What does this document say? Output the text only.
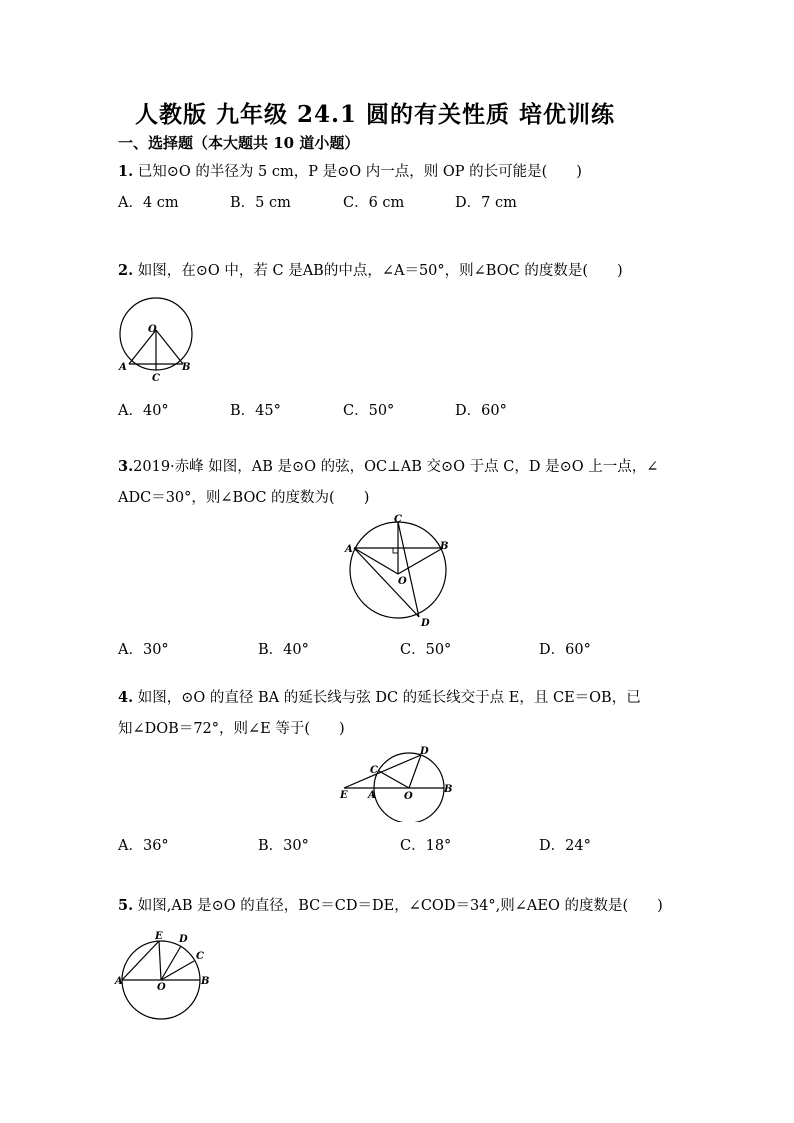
人教版 九年级 24.1 圆的有关性质 培优训练
一、选择题（本大题共 10 道小题）
1. 已知⊙O 的半径为 5 cm，P 是⊙O 内一点，则 OP 的长可能是(　　)
A．4 cm	B．5 cm	C．6 cm	D．7 cm
2. 如图，在⊙O 中，若 C 是AB的中点，∠A＝50°，则∠BOC 的度数是(　　)
O
A
C
B
A．40°	B．45°	C．50°	D．60°
3.2019·赤峰 如图，AB 是⊙O 的弦，OC⊥AB 交⊙O 于点 C，D 是⊙O 上一点，∠
ADC＝30°，则∠BOC 的度数为(　　)
C
A	B
O
D
A．30°	B．40°	C．50°	D．60°
4. 如图，⊙O 的直径 BA 的延长线与弦 DC 的延长线交于点 E，且 CE＝OB，已
知∠DOB＝72°，则∠E 等于(　　)
D
C
E A	O
B
A．36°	B．30°	C．18°	D．24°
5. 如图,AB 是⊙O 的直径，BC＝CD＝DE，∠COD＝34°,则∠AEO 的度数是(　　)
E D
C
A
O
B
